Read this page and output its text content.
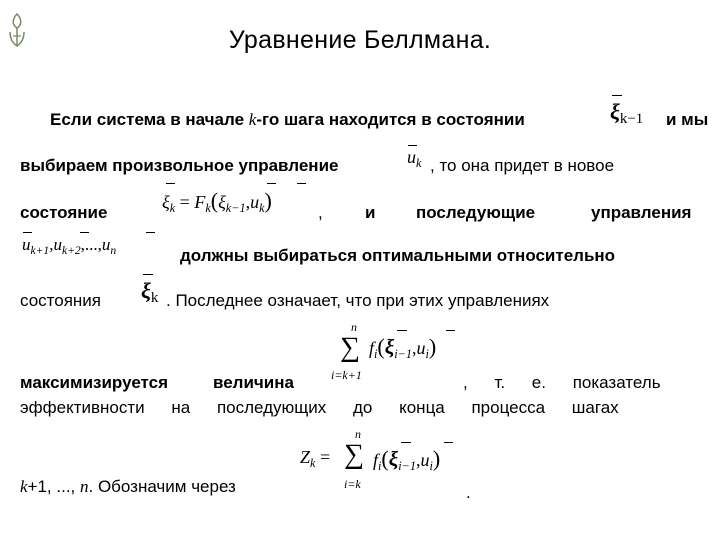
Уравнение Беллмана.
Если система в начале k-го шага находится в состоянии	$\xi_{k-1}$ и мы
выбираем произвольное управление	$u_k$ , то она придет в новое
состояние
$\xi_k = F_k(\xi_{k-1},u_k)$	, и последующие	управления
$u_{k+1},u_{k+2},...,u_n$	должны выбираться оптимальными относительно
состояния $\xi_k$ . Последнее означает, что при этих управлениях
n
∑
i=k+1
$f_i(\xi_{i-1},u_i)$
максимизируется	величина	, т. е. показатель
эффективности на последующих до конца процесса шагах
$Z_k$ =
n
∑
i=k
$f_i(\xi_{i-1},u_i)$
k+1, ..., n. Обозначим через	.
